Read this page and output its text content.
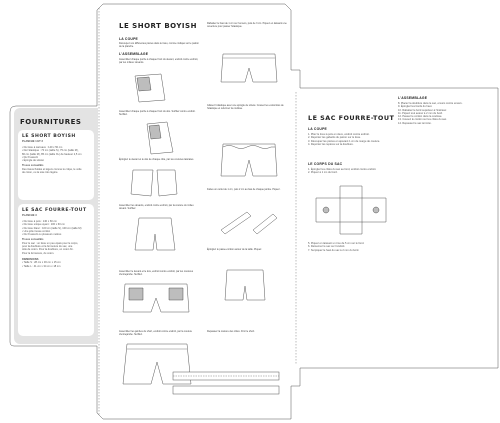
FOURNITURES
LE SHORT BOYISH
PLANCHE 1 ET 2
• Du tissu à carreaux : 140 x 50 cm
• De l'élastique : 70 cm (taille S), 75 cm (taille M),
80 cm (taille M), 85 cm (taille XL) de hauteur 2,5 cm
• Du fil assorti
• Épingle de sûreté
Tissus conseillés
Des tissus fluides et légers comme le crêpe, le voile
de coton, ou la soie très légère.
LE SAC FOURRE-TOUT
PLANCHE 3
• Du tissu à pois : 140 x 60 cm
• Du tissu unique ayant : 100 x 60 cm
• Du tissu blanc : 100 cm (taille S), 100 cm (taille M)
• Une jolie tresse cordon
• Du fil assorti ou plusieurs mètres
Tissus conseillés
Pour le sac : un tissu un peu épais pour le corps,
pour la doublure et la fermeture du sac, une
toile de coton. Pour la doublure, un coton fin.
Pour la fermeture, du coton.
DIMENSIONS
• Taille S : 28 cm x 30 cm x 15 cm
• Taille L : 41 cm x 34 cm x 18 cm
LE SHORT BOYISH
LA COUPE
Découpez vos différentes pièces dans le tissu, comme indiqué sur le patron de la planche.
L'ASSEMBLAGE
Assemblez chaque poche à chaque front du devant, endroit contre endroit, par les milieux devants.
Assemblez chaque poche à chaque front du dos. Surfilez contre endroit. Surfilez.
Épinglez le devant et le dos de chaque côté, par les coutures latérales.
Assemblez les devants, endroit contre endroit, par la couture du milieu devant. Surfilez.
Assemblez le devant et le dos, endroit contre endroit, par les coutures d'entrejambe. Surfilez.
Assemblez les jambes du short, endroit contre endroit, par la couture d'entrejambe. Surfilez.
Rabattez le haut de 1 cm sur l'envers, puis de 3 cm. Piquez en laissant une ouverture pour passer l'élastique.
Glissez l'élastique avec une épingle de sûreté. Cousez les extrémités de l'élastique et refermez la coulisse.
Faites un ourlet de 1 cm, puis 2 cm au bas de chaque jambe. Piquez.
Épinglez le passe-cordon autour de la taille. Piquez.
Repassez la couture des côtés. Finir le short.
LE SAC FOURRE-TOUT
LA COUPE
1. Pliez le tissu à pois en deux, endroit contre endroit.
2. Reportez les gabarits du patron sur le tissu.
3. Découpez les pièces en ajoutant 1 cm de marge de couture.
4. Reportez les repères sur la doublure.
LE CORPS DU SAC
1. Épinglez les côtés du sac au fond, endroit contre endroit.
2. Piquez à 1 cm du bord.
5. Piquez en laissant un trou de 5 cm sur le fond.
6. Retournez le sac sur l'endroit.
7. Surpiquez le haut du sac à 2 mm du bord.
L'ASSEMBLAGE
8. Placez la doublure dans le sac, envers contre envers.
9. Épinglez les bords du haut.
10. Rabattez le bord supérieur à l'intérieur.
11. Piquez tout autour à 2 mm du bord.
12. Passez le cordon dans la coulisse.
13. Cousez le cordon sur les côtés du sac.
14. Repassez le sac terminé.
